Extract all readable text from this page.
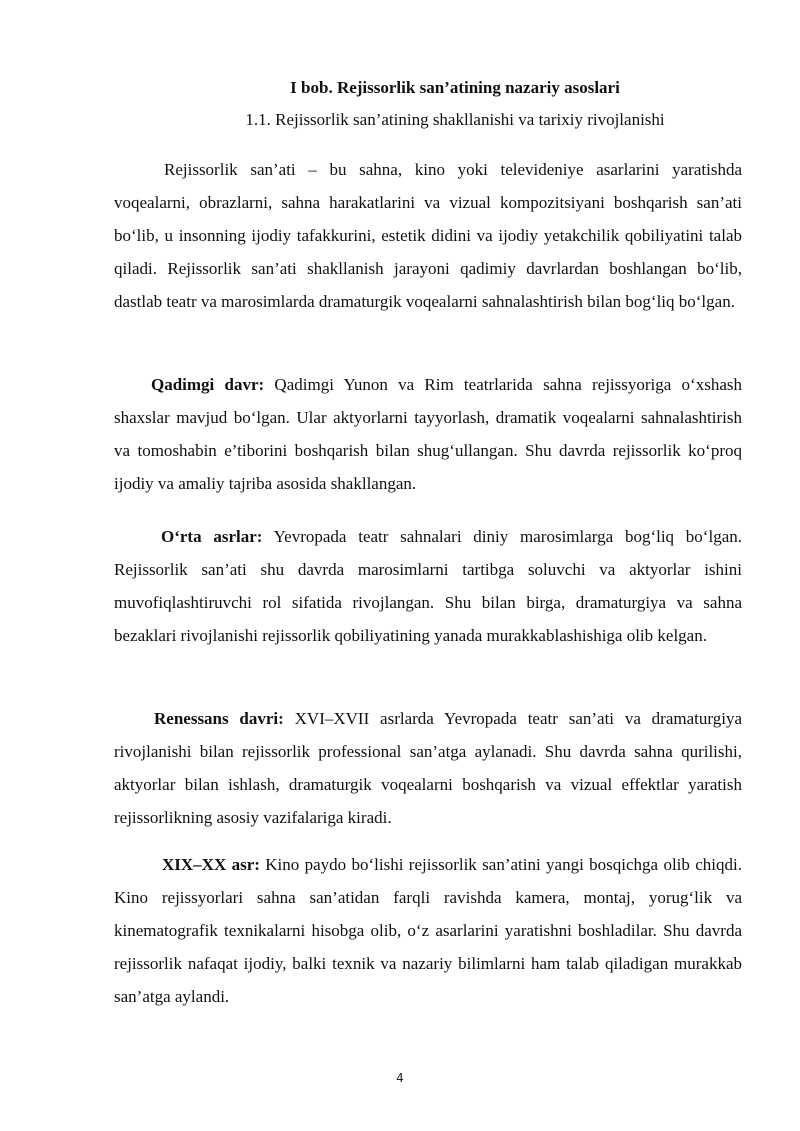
I bob. Rejissorlik san’atining nazariy asoslari
1.1. Rejissorlik san’atining shakllanishi va tarixiy rivojlanishi

Rejissorlik san’ati – bu sahna, kino yoki televideniye asarlarini yaratishda voqealarni, obrazlarni, sahna harakatlarini va vizual kompozitsiyani boshqarish san’ati bo‘lib, u insonning ijodiy tafakkurini, estetik didini va ijodiy yetakchilik qobiliyatini talab qiladi. Rejissorlik san’ati shakllanish jarayoni qadimiy davrlardan boshlangan bo‘lib, dastlab teatr va marosimlarda dramaturgik voqealarni sahnalashtirish bilan bog‘liq bo‘lgan.

Qadimgi davr: Qadimgi Yunon va Rim teatrlarida sahna rejissyoriga o‘xshash shaxslar mavjud bo‘lgan. Ular aktyorlarni tayyorlash, dramatik voqealarni sahnalashtirish va tomoshabin e’tiborini boshqarish bilan shug‘ullangan. Shu davrda rejissorlik ko‘proq ijodiy va amaliy tajriba asosida shakllangan.

O‘rta asrlar: Yevropada teatr sahnalari diniy marosimlarga bog‘liq bo‘lgan. Rejissorlik san’ati shu davrda marosimlarni tartibga soluvchi va aktyorlar ishini muvofiqlashtiruvchi rol sifatida rivojlangan. Shu bilan birga, dramaturgiya va sahna bezaklari rivojlanishi rejissorlik qobiliyatining yanada murakkablashishiga olib kelgan.

Renessans davri: XVI–XVII asrlarda Yevropada teatr san’ati va dramaturgiya rivojlanishi bilan rejissorlik professional san’atga aylanadi. Shu davrda sahna qurilishi, aktyorlar bilan ishlash, dramaturgik voqealarni boshqarish va vizual effektlar yaratish rejissorlikning asosiy vazifalariga kiradi.

XIX–XX asr: Kino paydo bo‘lishi rejissorlik san’atini yangi bosqichga olib chiqdi. Kino rejissyorlari sahna san’atidan farqli ravishda kamera, montaj, yorug‘lik va kinematografik texnikalarni hisobga olib, o‘z asarlarini yaratishni boshladilar. Shu davrda rejissorlik nafaqat ijodiy, balki texnik va nazariy bilimlarni ham talab qiladigan murakkab san’atga aylandi.

4
